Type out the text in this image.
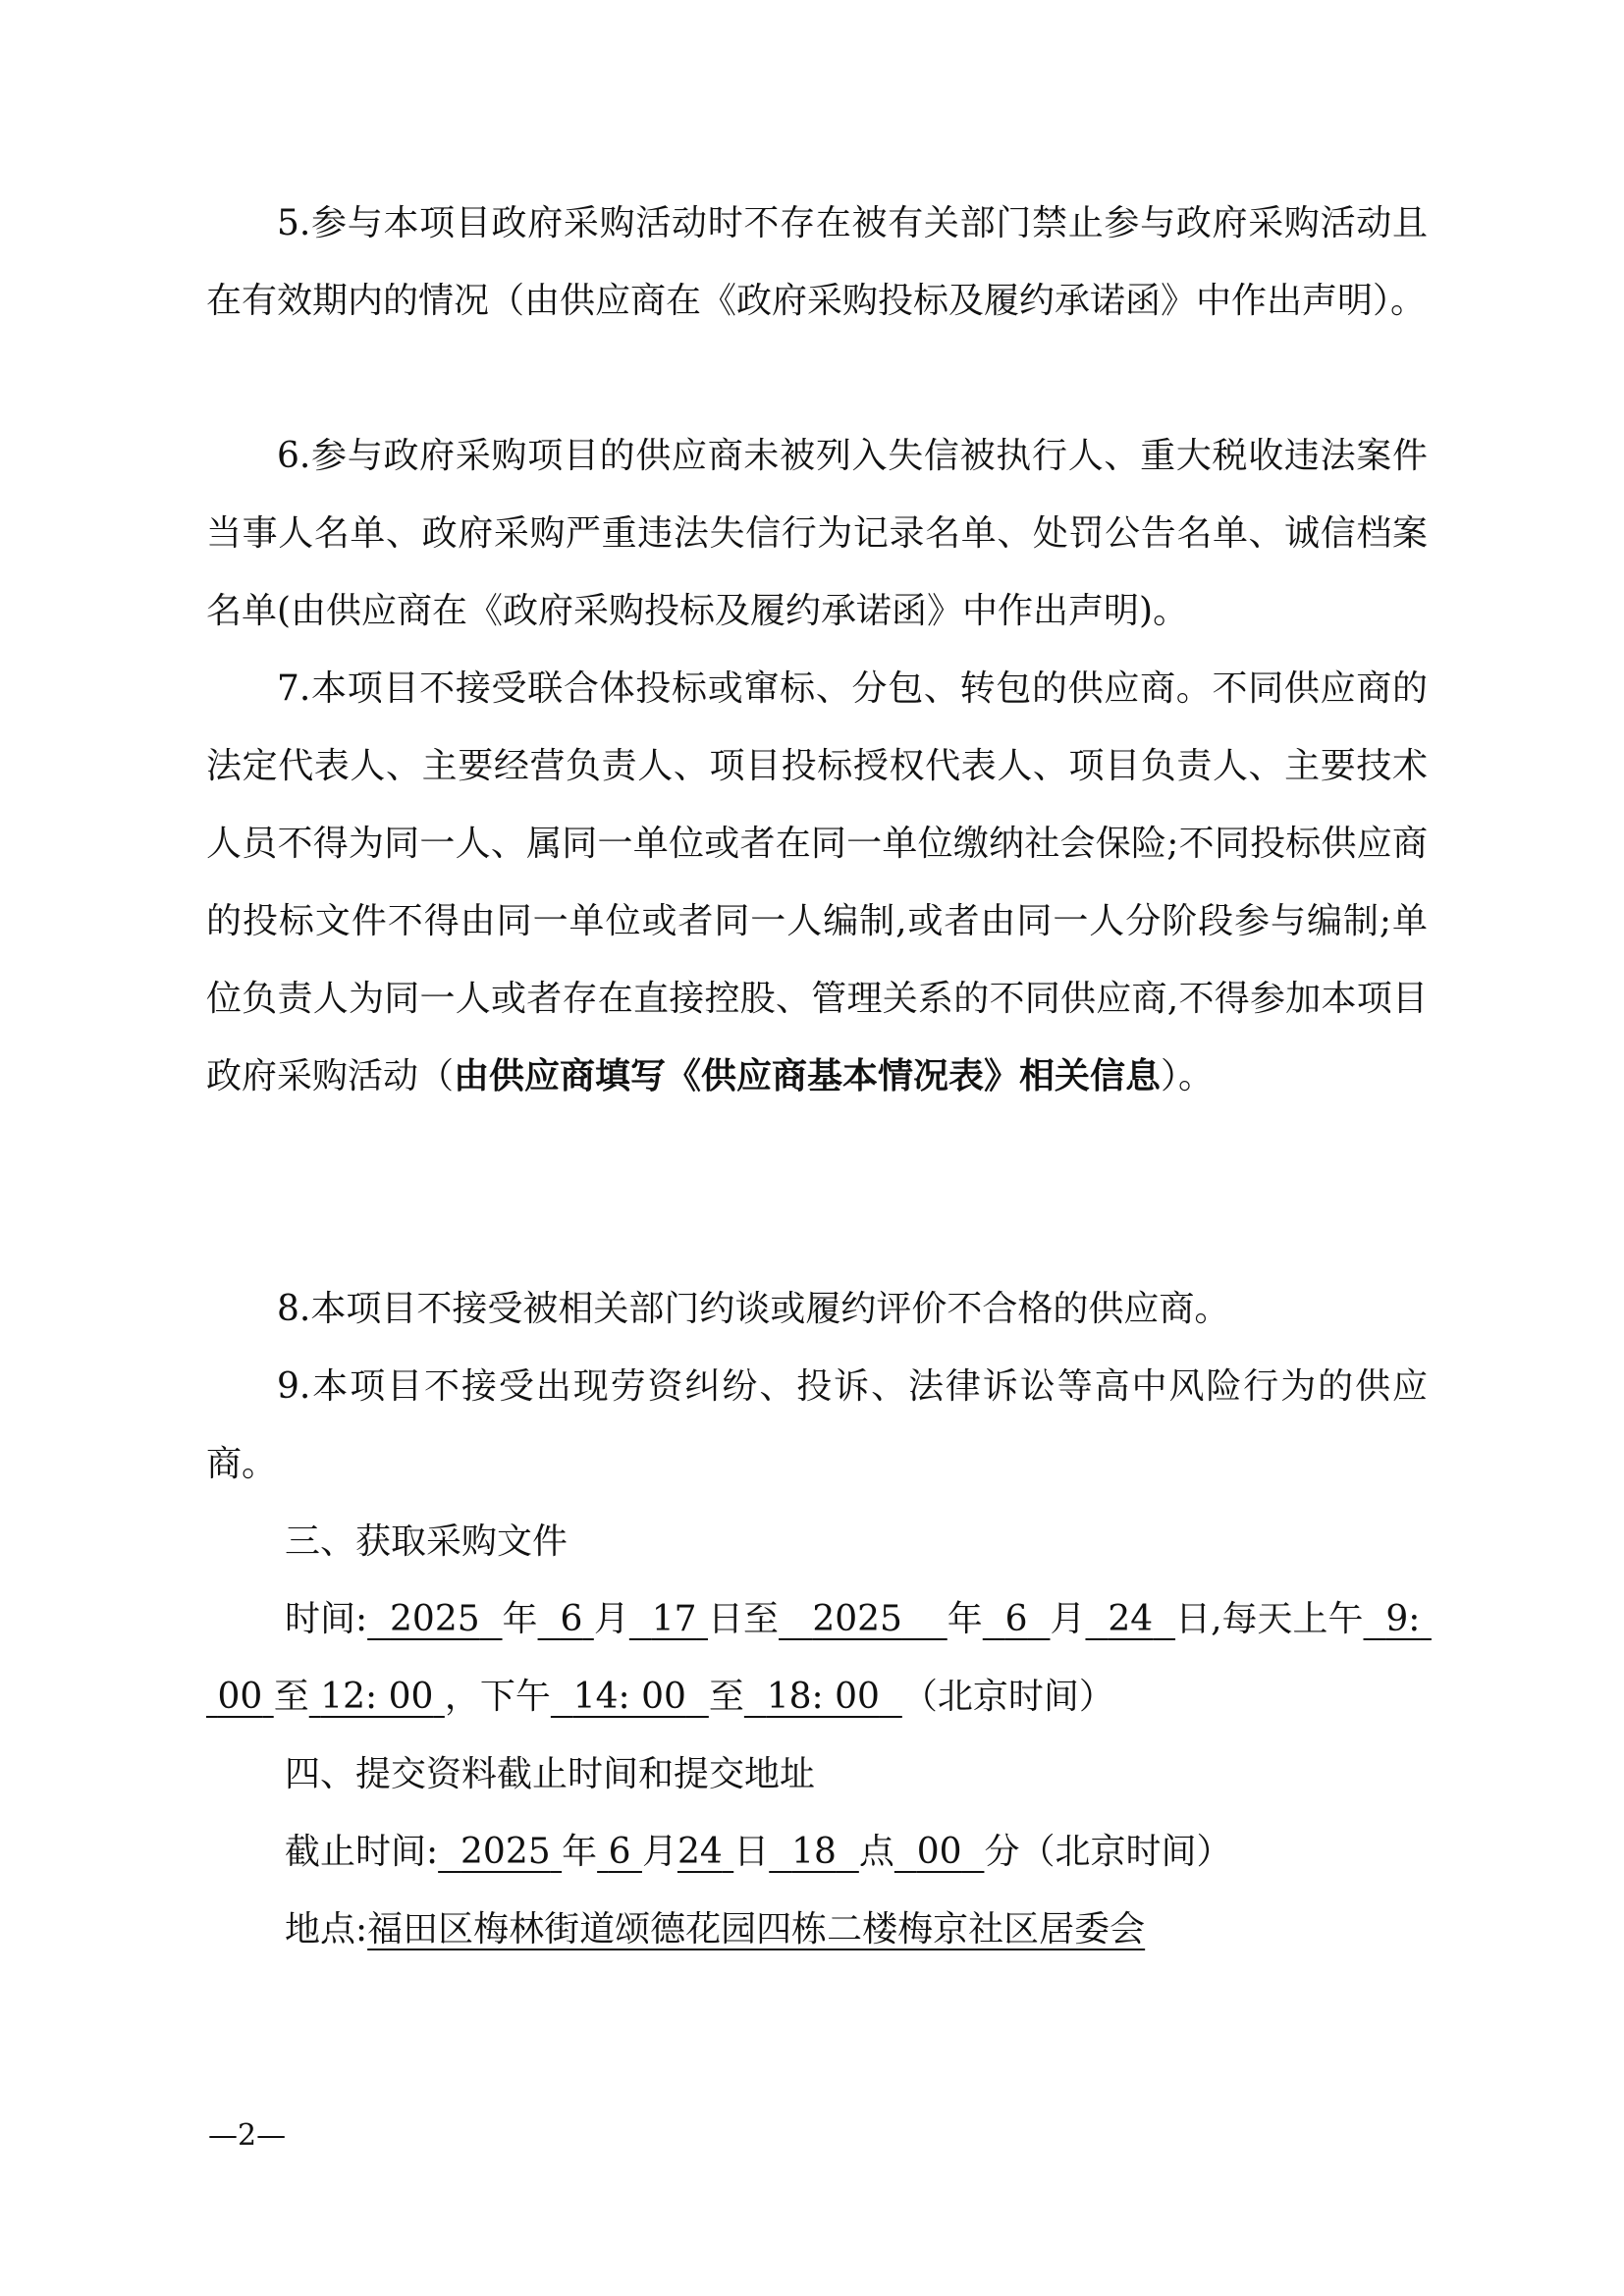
5.参与本项目政府采购活动时不存在被有关部门禁止参与政府采购活动且在有效期内的情况（由供应商在《政府采购投标及履约承诺函》中作出声明）。

6.参与政府采购项目的供应商未被列入失信被执行人、重大税收违法案件当事人名单、政府采购严重违法失信行为记录名单、处罚公告名单、诚信档案名单(由供应商在《政府采购投标及履约承诺函》中作出声明)。

7.本项目不接受联合体投标或窜标、分包、转包的供应商。不同供应商的法定代表人、主要经营负责人、项目投标授权代表人、项目负责人、主要技术人员不得为同一人、属同一单位或者在同一单位缴纳社会保险;不同投标供应商的投标文件不得由同一单位或者同一人编制,或者由同一人分阶段参与编制;单位负责人为同一人或者存在直接控股、管理关系的不同供应商,不得参加本项目政府采购活动（由供应商填写《供应商基本情况表》相关信息）。

8.本项目不接受被相关部门约谈或履约评价不合格的供应商。

9.本项目不接受出现劳资纠纷、投诉、法律诉讼等高中风险行为的供应商。

三、获取采购文件
时间: 2025 年 6 月 17 日至 2025 年 6 月 24 日,每天上午 9:
00 至 12: 00 ，下午 14: 00 至 18: 00 （北京时间）
四、提交资料截止时间和提交地址
截止时间: 2025 年 6 月24 日 18 点 00 分（北京时间）
地点:福田区梅林街道颂德花园四栋二楼梅京社区居委会
—2—
